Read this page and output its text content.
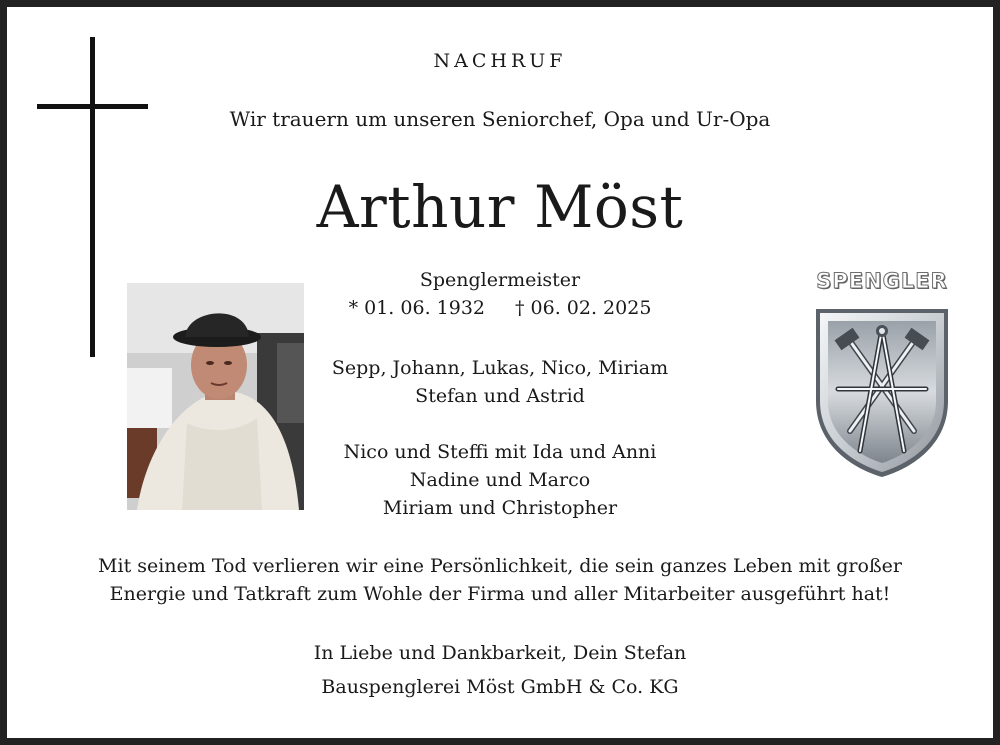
NACHRUF
Wir trauern um unseren Seniorchef, Opa und Ur-Opa
Arthur Möst
Spenglermeister
* 01. 06. 1932 † 06. 02. 2025
Sepp, Johann, Lukas, Nico, Miriam
Stefan und Astrid
Nico und Steffi mit Ida und Anni
Nadine und Marco
Miriam und Christopher
Mit seinem Tod verlieren wir eine Persönlichkeit, die sein ganzes Leben mit großer
Energie und Tatkraft zum Wohle der Firma und aller Mitarbeiter ausgeführt hat!
In Liebe und Dankbarkeit, Dein Stefan
Bauspenglerei Möst GmbH & Co. KG
SPENGLER
